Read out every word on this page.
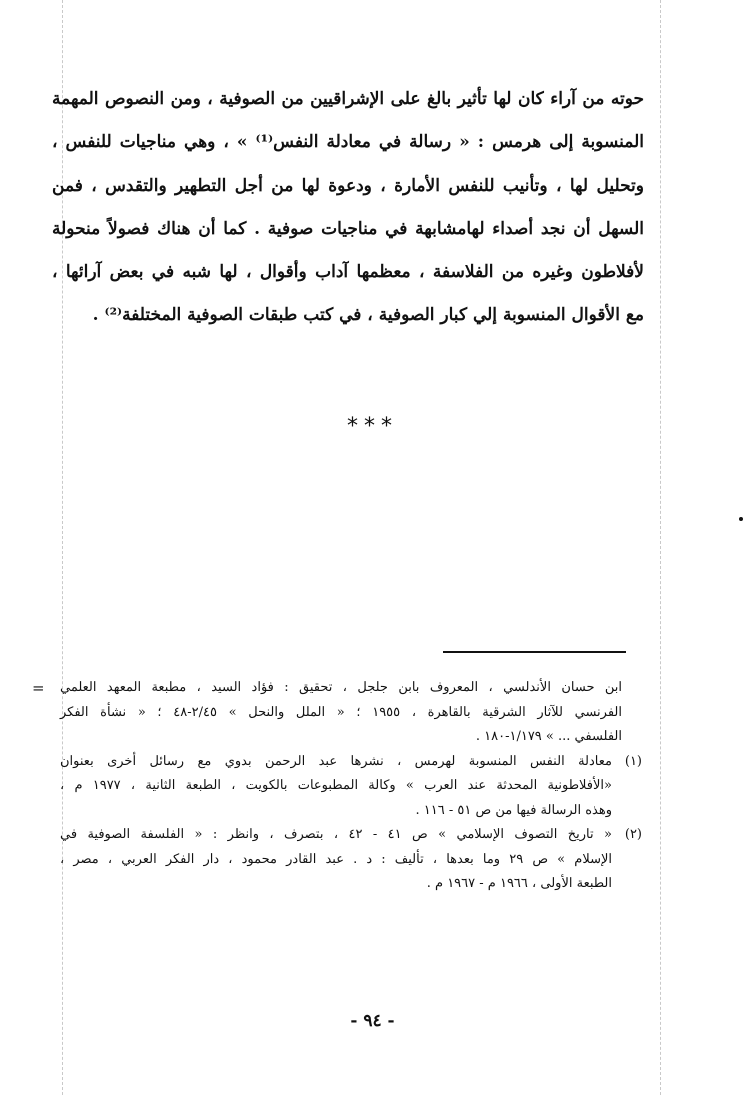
حوته من آراء كان لها تأثير بالغ على الإشراقيين من الصوفية ، ومن النصوص المهمة
المنسوبة إلى هرمس : « رسالة في معادلة النفس⁽¹⁾ » ، وهي مناجيات للنفس ،
وتحليل لها ، وتأنيب للنفس الأمارة ، ودعوة لها من أجل التطهير والتقدس ، فمن
السهل أن نجد أصداء لهامشابهة في مناجيات صوفية . كما أن هناك فصولاً منحولة
لأفلاطون وغيره من الفلاسفة ، معظمها آداب وأقوال ، لها شبه في بعض آرائها ،
مع الأقوال المنسوبة إلي كبار الصوفية ، في كتب طبقات الصوفية المختلفة⁽²⁾ .
***
=	ابن حسان الأندلسي ، المعروف بابن جلجل ، تحقيق : فؤاد السيد ، مطبعة المعهد العلمي
الفرنسي للآثار الشرقية بالقاهرة ، ١٩٥٥ ؛ « الملل والنحل » ٢/٤٥-٤٨ ؛ « نشأة الفكر
الفلسفي ... » ١/١٧٩-١٨٠ .
(١)
معادلة النفس المنسوبة لهرمس ، نشرها عبد الرحمن بدوي مع رسائل أخرى بعنوان
«الأفلاطونية المحدثة عند العرب » وكالة المطبوعات بالكويت ، الطبعة الثانية ، ١٩٧٧ م ،
وهذه الرسالة فيها من ص ٥١ - ١١٦ .
(٢)
« تاريخ التصوف الإسلامي » ص ٤١ - ٤٢ ، بتصرف ، وانظر : « الفلسفة الصوفية في
الإسلام » ص ٢٩ وما بعدها ، تأليف : د . عبد القادر محمود ، دار الفكر العربي ، مصر ،
الطبعة الأولى ، ١٩٦٦ م - ١٩٦٧ م .
- ٩٤ -
